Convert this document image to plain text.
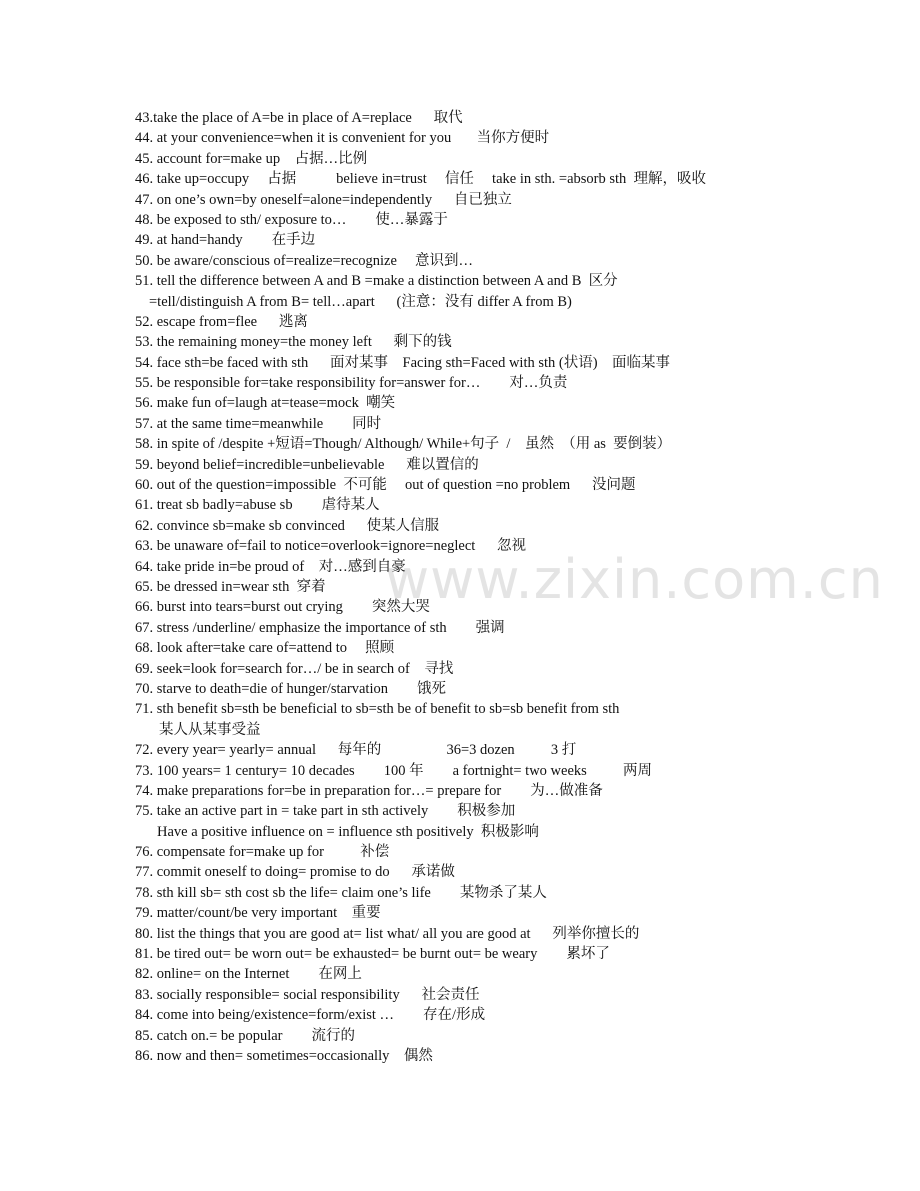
www.zixin.com.cn
43.take the place of A=be in place of A=replace      取代
44. at your convenience=when it is convenient for you       当你方便时
45. account for=make up    占据…比例
46. take up=occupy     占据           believe in=trust     信任     take in sth. =absorb sth  理解，吸收
47. on one’s own=by oneself=alone=independently      自已独立
48. be exposed to sth/ exposure to…        使…暴露于
49. at hand=handy        在手边
50. be aware/conscious of=realize=recognize     意识到…
51. tell the difference between A and B =make a distinction between A and B  区分
=tell/distinguish A from B= tell…apart      (注意：没有 differ A from B)
52. escape from=flee      逃离
53. the remaining money=the money left      剩下的钱
54. face sth=be faced with sth      面对某事    Facing sth=Faced with sth (状语)    面临某事
55. be responsible for=take responsibility for=answer for…        对…负责
56. make fun of=laugh at=tease=mock  嘲笑
57. at the same time=meanwhile        同时
58. in spite of /despite +短语=Though/ Although/ While+句子  /    虽然  （用 as  要倒装）
59. beyond belief=incredible=unbelievable      难以置信的
60. out of the question=impossible  不可能     out of question =no problem      没问题
61. treat sb badly=abuse sb        虐待某人
62. convince sb=make sb convinced      使某人信服
63. be unaware of=fail to notice=overlook=ignore=neglect      忽视
64. take pride in=be proud of    对…感到自豪
65. be dressed in=wear sth  穿着
66. burst into tears=burst out crying        突然大哭
67. stress /underline/ emphasize the importance of sth        强调
68. look after=take care of=attend to     照顾
69. seek=look for=search for…/ be in search of    寻找
70. starve to death=die of hunger/starvation        饿死
71. sth benefit sb=sth be beneficial to sb=sth be of benefit to sb=sb benefit from sth
某人从某事受益
72. every year= yearly= annual      每年的                  36=3 dozen          3 打
73. 100 years= 1 century= 10 decades        100 年        a fortnight= two weeks          两周
74. make preparations for=be in preparation for…= prepare for        为…做准备
75. take an active part in = take part in sth actively        积极参加
Have a positive influence on = influence sth positively  积极影响
76. compensate for=make up for          补偿
77. commit oneself to doing= promise to do      承诺做
78. sth kill sb= sth cost sb the life= claim one’s life        某物杀了某人
79. matter/count/be very important    重要
80. list the things that you are good at= list what/ all you are good at      列举你擅长的
81. be tired out= be worn out= be exhausted= be burnt out= be weary        累坏了
82. online= on the Internet        在网上
83. socially responsible= social responsibility      社会责任
84. come into being/existence=form/exist …        存在/形成
85. catch on.= be popular        流行的
86. now and then= sometimes=occasionally    偶然
